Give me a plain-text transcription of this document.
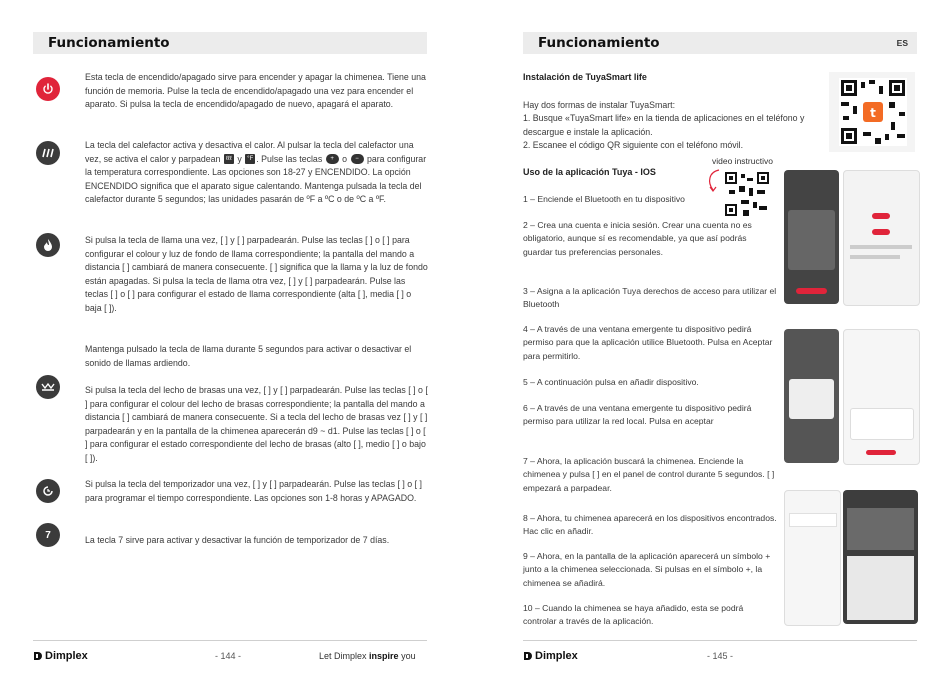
Funcionamiento
Esta tecla de encendido/apagado sirve para encender y apagar la chimenea. Tiene una función de memoria. Pulse la tecla de encendido/apagado una vez para encender el aparato. Si pulsa la tecla de encendido/apagado de nuevo, apagará el aparato.
La tecla del calefactor activa y desactiva el calor. Al pulsar la tecla del calefactor una vez, se activa el calor y parpadean ℓℓℓ y °F . Pulse las teclas + o − para configurar la temperatura correspondiente. Las opciones son 18-27 y ENCENDIDO. La opción ENCENDIDO significa que el aparato sigue calentando. Mantenga pulsada la tecla del calefactor durante 5 segundos; las unidades pasarán de ºF a ºC o de ºC a ºF.
Si pulsa la tecla de llama una vez, [ ] y [ ] parpadearán. Pulse las teclas [ ] o [ ] para configurar el colour y luz de fondo de llama correspondiente; la pantalla del mando a distancia [ ] cambiará de manera consecuente. [ ] significa que la llama y la luz de fondo están apagadas. Si pulsa la tecla de llama otra vez, [ ] y [ ] parpadearán. Pulse las teclas [ ] o [ ] para configurar el estado de llama correspondiente (alta [ ], media [ ] o baja [ ]).
Mantenga pulsado la tecla de llama durante 5 segundos para activar o desactivar el sonido de llamas ardiendo.
Si pulsa la tecla del lecho de brasas una vez, [ ] y [ ] parpadearán. Pulse las teclas [ ] o [ ] para configurar el colour del lecho de brasas correspondiente; la pantalla del mando a distancia [ ] cambiará de manera consecuente. Si a tecla del lecho de brasas vez [ ] y [ ] parpadearán y en la pantalla de la chimenea aparecerán d9 ~ d1. Pulse las teclas [ ] o [ ] para configurar el estado correspondiente del lecho de brasas (alto [ ], medio [ ] o bajo [ ]).
Si pulsa la tecla del temporizador una vez, [ ] y [ ] parpadearán. Pulse las teclas [ ] o [ ] para programar el tiempo correspondiente. Las opciones son 1-8 horas y APAGADO.
7	La tecla 7 sirve para activar y desactivar la función de temporizador de 7 días.
Dimplex	- 144 -	Let Dimplex inspire you
Funcionamiento	ES
Instalación de TuyaSmart life
Hay dos formas de instalar TuyaSmart:
1. Busque «TuyaSmart life» en la tienda de aplicaciones en el teléfono y descargue e instale la aplicación.
2. Escanee el código QR siguiente con el teléfono móvil.
t
Uso de la aplicación Tuya - IOS
video instructivo
1 – Enciende el Bluetooth en tu dispositivo
2 – Crea una cuenta e inicia sesión. Crear una cuenta no es obligatorio, aunque sí es recomendable, ya que así podrás guardar tus preferencias personales.
3 – Asigna a la aplicación Tuya derechos de acceso para utilizar el Bluetooth
4 – A través de una ventana emergente tu dispositivo pedirá permiso para que la aplicación utilice Bluetooth. Pulsa en Aceptar para permitirlo.
5 – A continuación pulsa en añadir dispositivo.
6 – A través de una ventana emergente tu dispositivo pedirá permiso para utilizar la red local. Pulsa en aceptar
7 – Ahora, la aplicación buscará la chimenea. Enciende la chimenea y pulsa [ ] en el panel de control durante 5 segundos. [ ] empezará a parpadear.
8 – Ahora, tu chimenea aparecerá en los dispositivos encontrados. Hac clic en añadir.
9 – Ahora, en la pantalla de la aplicación aparecerá un símbolo + junto a la chimenea seleccionada. Si pulsas en el símbolo +, la chimenea se añadirá.
10 – Cuando la chimenea se haya añadido, esta se podrá controlar a través de la aplicación.
Dimplex	- 145 -
